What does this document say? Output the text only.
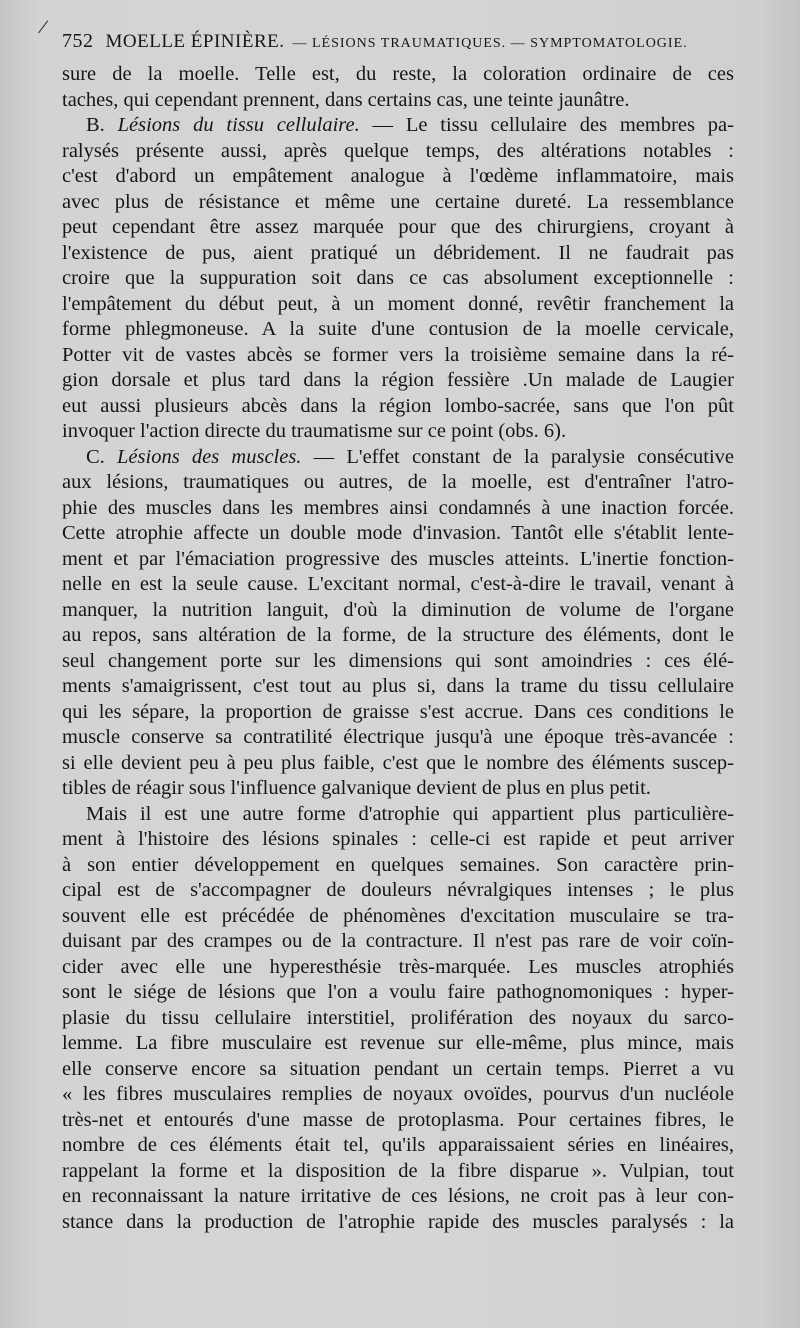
/
752 MOELLE ÉPINIÈRE. — LÉSIONS TRAUMATIQUES. — SYMPTOMATOLOGIE.
sure de la moelle. Telle est, du reste, la coloration ordinaire de ces
taches, qui cependant prennent, dans certains cas, une teinte jaunâtre.
B. Lésions du tissu cellulaire. — Le tissu cellulaire des membres pa-
ralysés présente aussi, après quelque temps, des altérations notables :
c'est d'abord un empâtement analogue à l'œdème inflammatoire, mais
avec plus de résistance et même une certaine dureté. La ressemblance
peut cependant être assez marquée pour que des chirurgiens, croyant à
l'existence de pus, aient pratiqué un débridement. Il ne faudrait pas
croire que la suppuration soit dans ce cas absolument exceptionnelle :
l'empâtement du début peut, à un moment donné, revêtir franchement la
forme phlegmoneuse. A la suite d'une contusion de la moelle cervicale,
Potter vit de vastes abcès se former vers la troisième semaine dans la ré-
gion dorsale et plus tard dans la région fessière .Un malade de Laugier
eut aussi plusieurs abcès dans la région lombo-sacrée, sans que l'on pût
invoquer l'action directe du traumatisme sur ce point (obs. 6).
C. Lésions des muscles. — L'effet constant de la paralysie consécutive
aux lésions, traumatiques ou autres, de la moelle, est d'entraîner l'atro-
phie des muscles dans les membres ainsi condamnés à une inaction forcée.
Cette atrophie affecte un double mode d'invasion. Tantôt elle s'établit lente-
ment et par l'émaciation progressive des muscles atteints. L'inertie fonction-
nelle en est la seule cause. L'excitant normal, c'est-à-dire le travail, venant à
manquer, la nutrition languit, d'où la diminution de volume de l'organe
au repos, sans altération de la forme, de la structure des éléments, dont le
seul changement porte sur les dimensions qui sont amoindries : ces élé-
ments s'amaigrissent, c'est tout au plus si, dans la trame du tissu cellulaire
qui les sépare, la proportion de graisse s'est accrue. Dans ces conditions le
muscle conserve sa contratilité électrique jusqu'à une époque très-avancée :
si elle devient peu à peu plus faible, c'est que le nombre des éléments suscep-
tibles de réagir sous l'influence galvanique devient de plus en plus petit.
Mais il est une autre forme d'atrophie qui appartient plus particulière-
ment à l'histoire des lésions spinales : celle-ci est rapide et peut arriver
à son entier développement en quelques semaines. Son caractère prin-
cipal est de s'accompagner de douleurs névralgiques intenses ; le plus
souvent elle est précédée de phénomènes d'excitation musculaire se tra-
duisant par des crampes ou de la contracture. Il n'est pas rare de voir coïn-
cider avec elle une hyperesthésie très-marquée. Les muscles atrophiés
sont le siége de lésions que l'on a voulu faire pathognomoniques : hyper-
plasie du tissu cellulaire interstitiel, prolifération des noyaux du sarco-
lemme. La fibre musculaire est revenue sur elle-même, plus mince, mais
elle conserve encore sa situation pendant un certain temps. Pierret a vu
« les fibres musculaires remplies de noyaux ovoïdes, pourvus d'un nucléole
très-net et entourés d'une masse de protoplasma. Pour certaines fibres, le
nombre de ces éléments était tel, qu'ils apparaissaient séries en linéaires,
rappelant la forme et la disposition de la fibre disparue ». Vulpian, tout
en reconnaissant la nature irritative de ces lésions, ne croit pas à leur con-
stance dans la production de l'atrophie rapide des muscles paralysés : la
